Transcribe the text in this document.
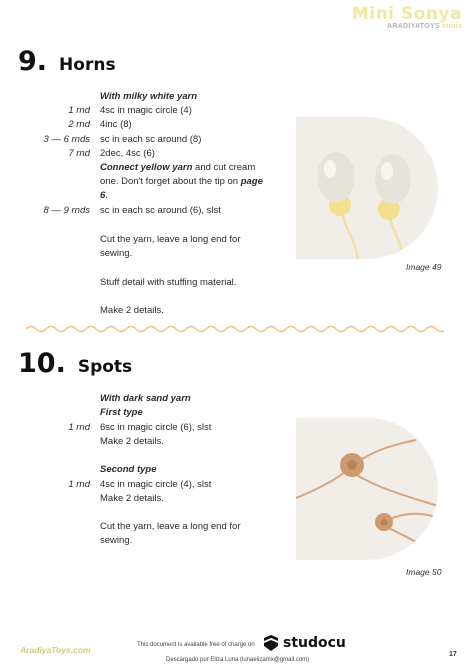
Mini Sonya
ARADIYATOYS minis
9. Horns
With milky white yarn
1 rnd 4sc in magic circle (4)
2 rnd 4inc (8)
3 — 6 rnds sc in each sc around (8)
7 rnd 2dec, 4sc (6)
Connect yellow yarn and cut cream one. Don't forget about the tip on page 6.
8 — 9 rnds sc in each sc around (6), slst
Cut the yarn, leave a long end for sewing.
Stuff detail with stuffing material.
Make 2 details.
Image 49
10. Spots
With dark sand yarn
First type
1 rnd 6sc in magic circle (6), slst
Make 2 details.
Second type
1 rnd 4sc in magic circle (4), slst
Make 2 details.
Cut the yarn, leave a long end for sewing.
Image 50
AradiyaToys.com	This document is available free of charge on studocu
Descargado por Eliza Luna (lunaelizamx@gmail.com)
17
